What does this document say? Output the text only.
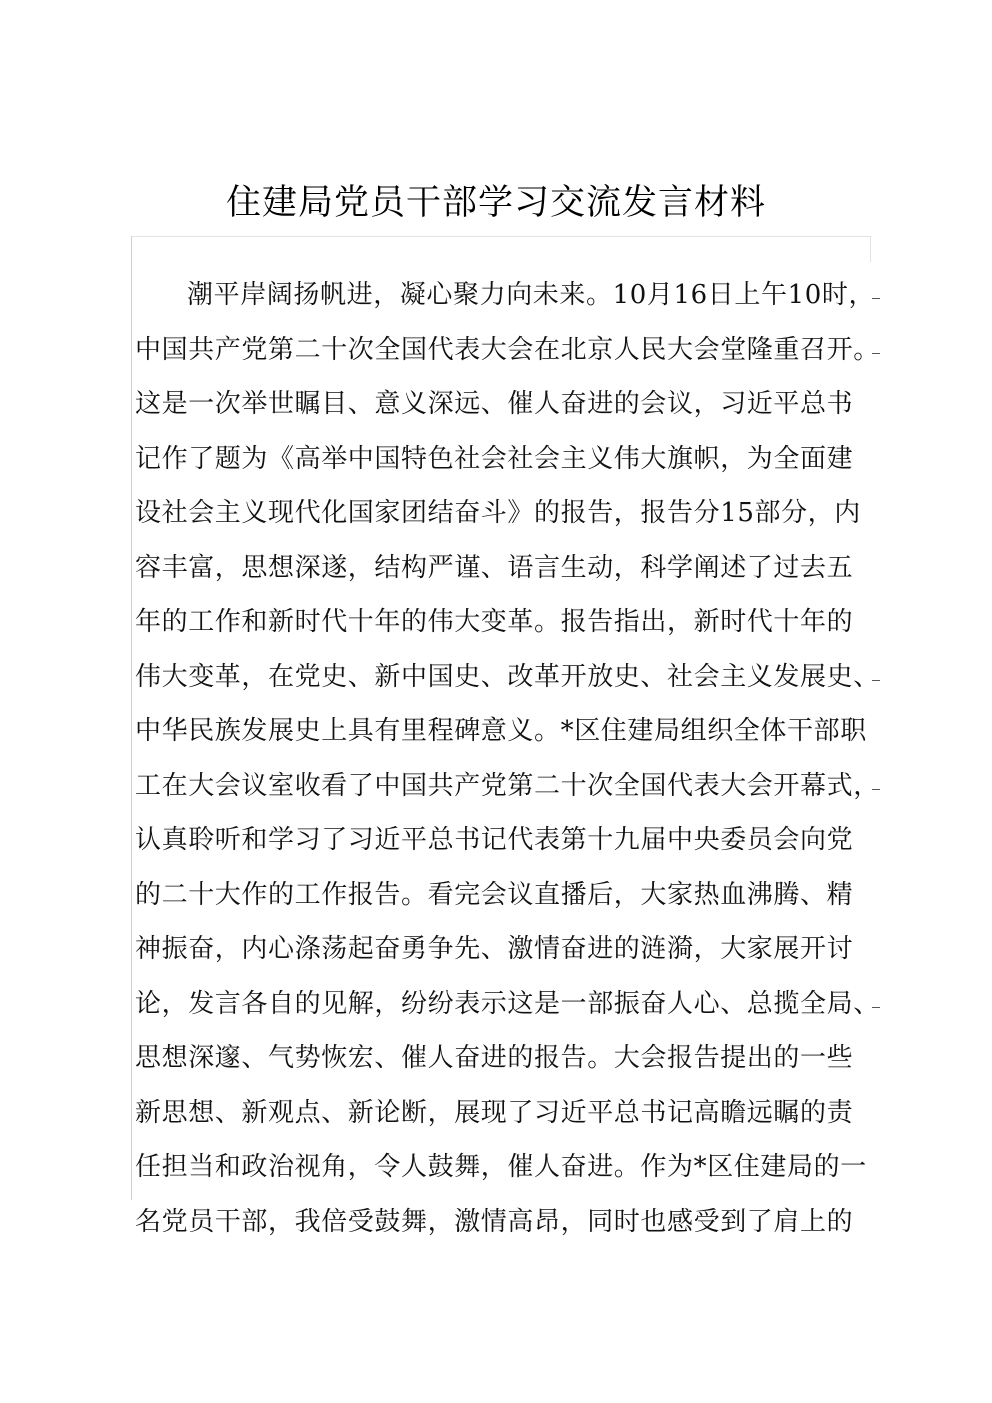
住建局党员干部学习交流发言材料
潮平岸阔扬帆进，凝心聚力向未来。10月16日上午10时，
中国共产党第二十次全国代表大会在北京人民大会堂隆重召开。
这是一次举世瞩目、意义深远、催人奋进的会议，习近平总书
记作了题为《高举中国特色社会社会主义伟大旗帜，为全面建
设社会主义现代化国家团结奋斗》的报告，报告分15部分，内
容丰富，思想深遂，结构严谨、语言生动，科学阐述了过去五
年的工作和新时代十年的伟大变革。报告指出，新时代十年的
伟大变革，在党史、新中国史、改革开放史、社会主义发展史、
中华民族发展史上具有里程碑意义。*区住建局组织全体干部职
工在大会议室收看了中国共产党第二十次全国代表大会开幕式，
认真聆听和学习了习近平总书记代表第十九届中央委员会向党
的二十大作的工作报告。看完会议直播后，大家热血沸腾、精
神振奋，内心涤荡起奋勇争先、激情奋进的涟漪，大家展开讨
论，发言各自的见解，纷纷表示这是一部振奋人心、总揽全局、
思想深邃、气势恢宏、催人奋进的报告。大会报告提出的一些
新思想、新观点、新论断，展现了习近平总书记高瞻远瞩的责
任担当和政治视角，令人鼓舞，催人奋进。作为*区住建局的一
名党员干部，我倍受鼓舞，激情高昂，同时也感受到了肩上的
